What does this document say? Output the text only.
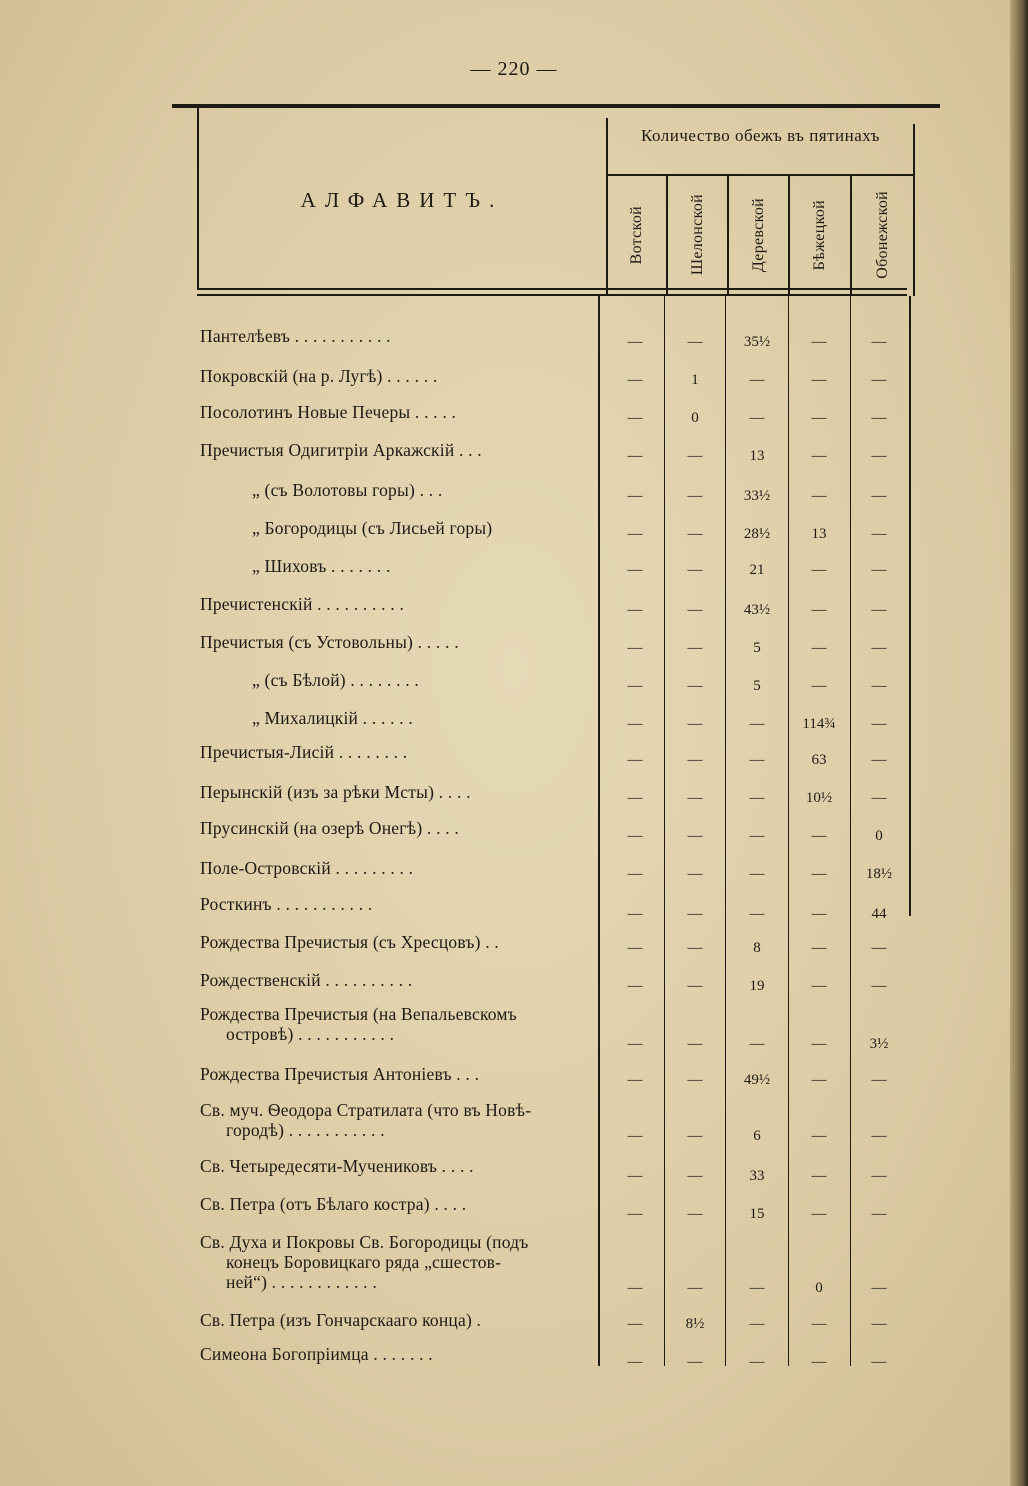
— 220 —
АЛФАВИТЪ.
Количество обежъ въ пятинахъ
Вотской	Шелонской	Деревской	Бѣжецкой	Обонежской
Пантелѣевъ . . . . . . . . . . .	—	—	35½	—	—
Покровскій (на р. Лугѣ) . . . . . .	—	1	—	—	—
Посолотинъ Новые Печеры . . . . .	—	0	—	—	—
Пречистыя Одигитріи Аркажскій . . .	—	—	13	—	—
„ (съ Волотовы горы) . . .	—	—	33½	—	—
„ Богородицы (съ Лисьей горы)	—	—	28½	13	—
„ Шиховъ . . . . . . .	—	—	21	—	—
Пречистенскій . . . . . . . . . .	—	—	43½	—	—
Пречистыя (съ Устовольны) . . . . .	—	—	5	—	—
„ (съ Бѣлой) . . . . . . . .	—	—	5	—	—
„ Михалицкій . . . . . .	—	—	—	114¾	—
Пречистыя-Лисій . . . . . . . .	—	—	—	63	—
Перынскій (изъ за рѣки Мсты) . . . .	—	—	—	10½	—
Прусинскій (на озерѣ Онегѣ) . . . .	—	—	—	—	0
Поле-Островскій . . . . . . . . .	—	—	—	—	18½
Росткинъ . . . . . . . . . . .	—	—	—	—	44
Рождества Пречистыя (съ Хресцовъ) . .	—	—	8	—	—
Рождественскій . . . . . . . . . .	—	—	19	—	—
Рождества Пречистыя (на Вепальевскомъ
островѣ) . . . . . . . . . . .	—	—	—	—	3½
Рождества Пречистыя Антоніевъ . . .	—	—	49½	—	—
Св. муч. Ѳеодора Стратилата (что въ Новѣ-
городѣ) . . . . . . . . . . .	—	—	6	—	—
Св. Четыредесяти-Мучениковъ . . . .	—	—	33	—	—
Св. Петра (отъ Бѣлаго костра) . . . .	—	—	15	—	—
Св. Духа и Покровы Св. Богородицы (подъ
конецъ Боровицкаго ряда „сшестов-
ней“) . . . . . . . . . . . .	—	—	—	0	—
Св. Петра (изъ Гончарскааго конца) .	—	8½	—	—	—
Симеона Богопріимца . . . . . . .	—	—	—	—	—
